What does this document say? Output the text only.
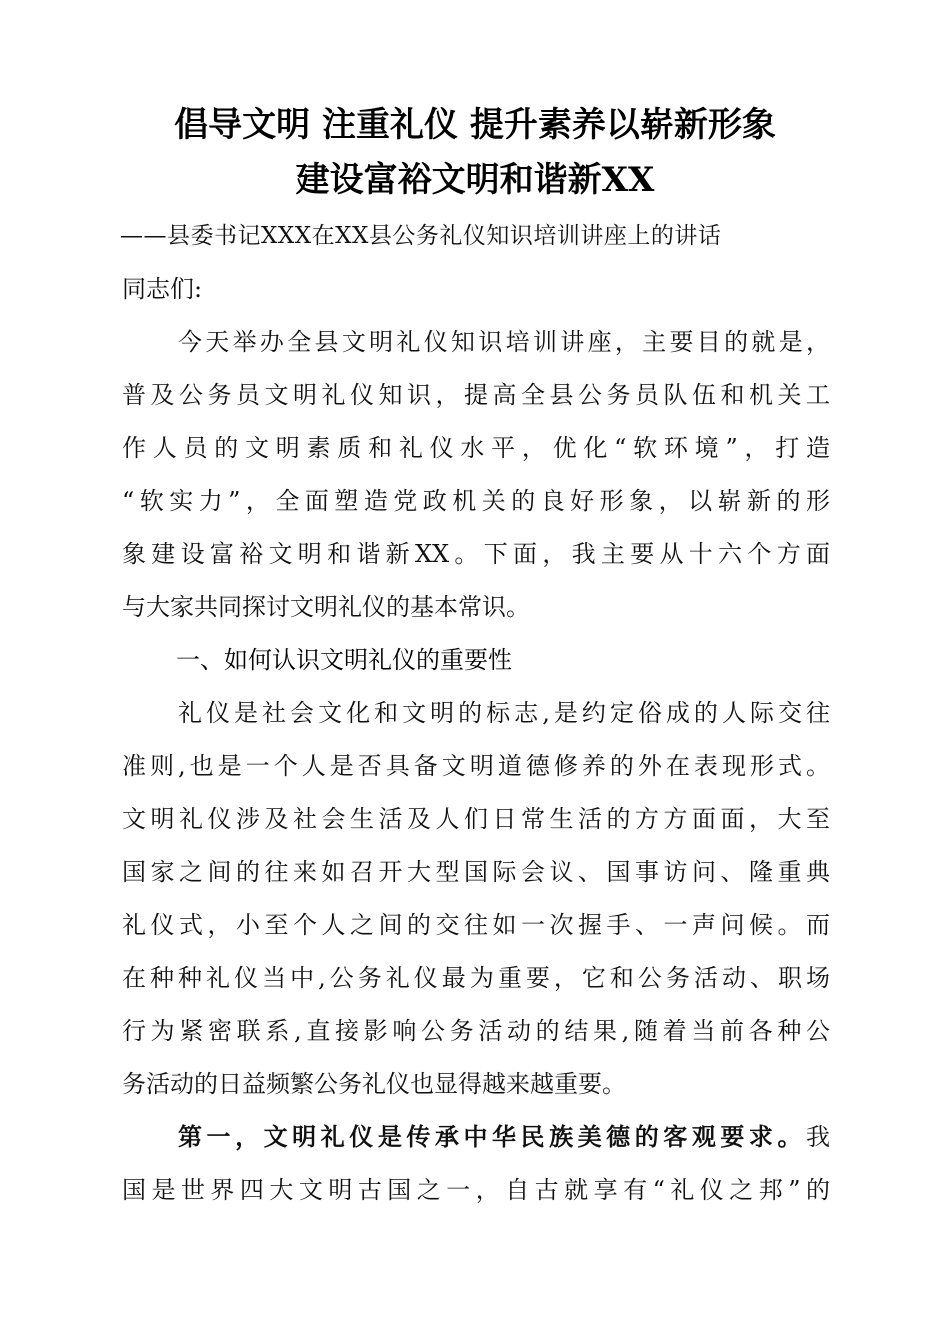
倡导文明 注重礼仪 提升素养以崭新形象
建设富裕文明和谐新XX
——县委书记XXX在XX县公务礼仪知识培训讲座上的讲话
同志们:
今天举办全县文明礼仪知识培训讲座，主要目的就是，
普及公务员文明礼仪知识，提高全县公务员队伍和机关工
作人员的文明素质和礼仪水平，优化“软环境”，打造
“软实力”，全面塑造党政机关的良好形象，以崭新的形
象建设富裕文明和谐新XX。下面，我主要从十六个方面
与大家共同探讨文明礼仪的基本常识。
一、如何认识文明礼仪的重要性
礼仪是社会文化和文明的标志,是约定俗成的人际交往
准则,也是一个人是否具备文明道德修养的外在表现形式。
文明礼仪涉及社会生活及人们日常生活的方方面面，大至
国家之间的往来如召开大型国际会议、国事访问、隆重典
礼仪式，小至个人之间的交往如一次握手、一声问候。而
在种种礼仪当中,公务礼仪最为重要，它和公务活动、职场
行为紧密联系,直接影响公务活动的结果,随着当前各种公
务活动的日益频繁公务礼仪也显得越来越重要。
第一，文明礼仪是传承中华民族美德的客观要求。我
国是世界四大文明古国之一，自古就享有“礼仪之邦”的
